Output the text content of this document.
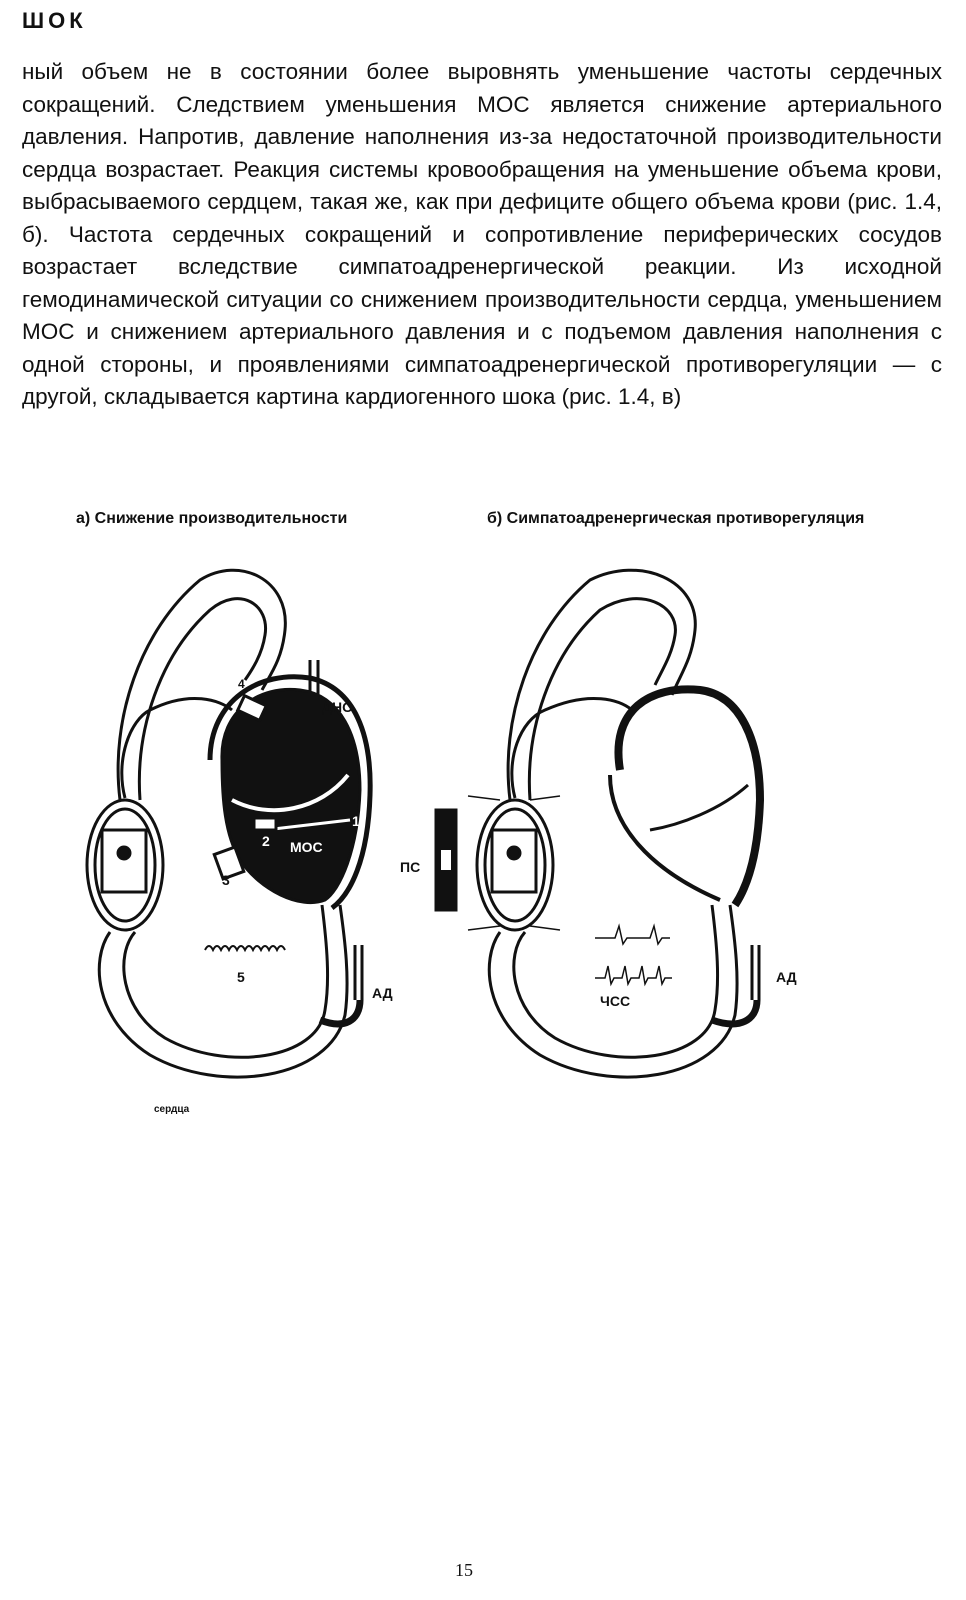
ШОК

ный объем не в состоянии более выровнять уменьшение частоты сердечных сокращений. Следствием уменьшения МОС является снижение артериального давления. Напротив, давление наполнения из-за недостаточной производительности сердца возрастает. Реакция системы кровообращения на уменьшение объема крови, выбрасываемого сердцем, такая же, как при дефиците общего объема крови (рис. 1.4, б). Частота сердечных сокращений и сопротивление периферических сосудов возрастает вследствие симпатоадренергической реакции. Из исходной гемодинамической ситуации со снижением производительности сердца, уменьшением МОС и снижением артериального давления и с подъемом давления наполнения с одной стороны, и проявлениями симпатоадренергической противорегуляции — с другой, складывается картина кардиогенного шока (рис. 1.4, в)

а) Снижение производительности	б) Симпатоадренергическая противорегуляция
ДНС
4
1
2 МОС
3
5
АД
ПС
ЧСС
АД
сердца
15
